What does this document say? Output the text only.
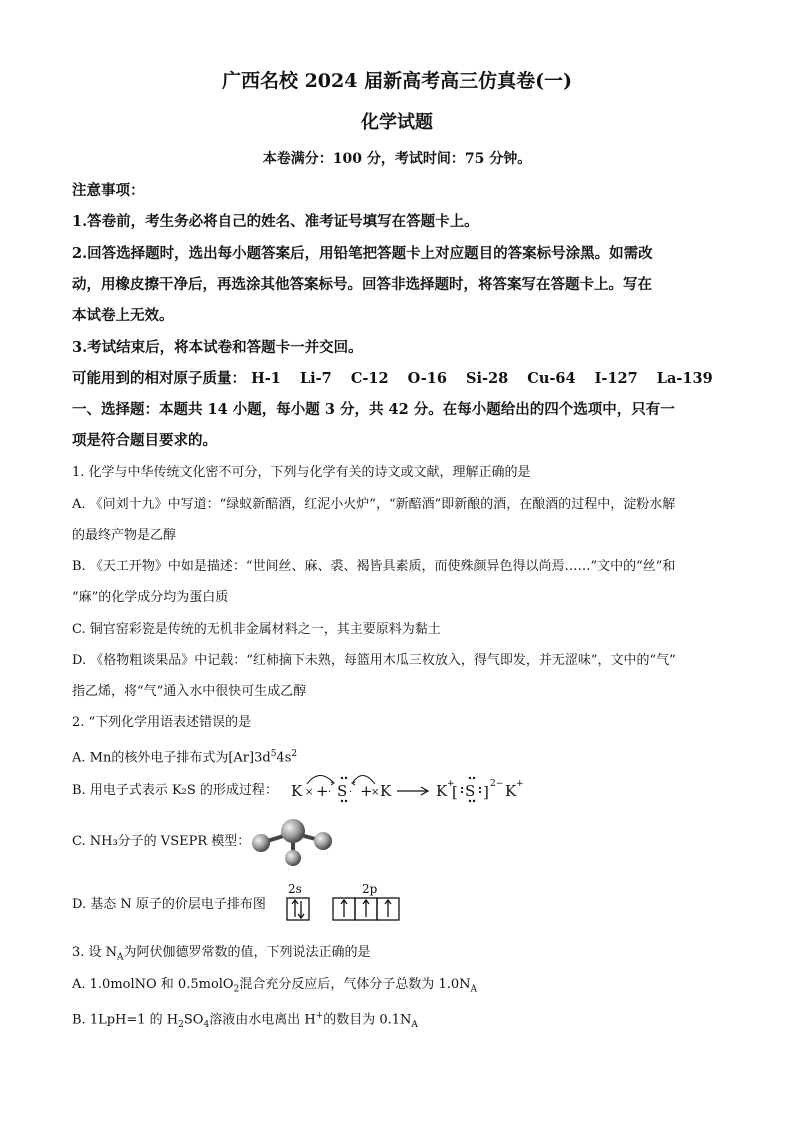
广西名校 2024 届新高考高三仿真卷(一)
化学试题
本卷满分：100 分，考试时间：75 分钟。
注意事项：
1.答卷前，考生务必将自己的姓名、准考证号填写在答题卡上。
2.回答选择题时，选出每小题答案后，用铅笔把答题卡上对应题目的答案标号涂黑。如需改
动，用橡皮擦干净后，再选涂其他答案标号。回答非选择题时，将答案写在答题卡上。写在
本试卷上无效。
3.考试结束后，将本试卷和答题卡一并交回。
可能用到的相对原子质量： H-1 Li-7 C-12 O-16 Si-28 Cu-64 I-127 La-139
一、选择题：本题共 14 小题，每小题 3 分，共 42 分。在每小题给出的四个选项中，只有一
项是符合题目要求的。
1. 化学与中华传统文化密不可分，下列与化学有关的诗文或文献，理解正确的是
A. 《问刘十九》中写道：“绿蚁新醅酒，红泥小火炉”，“新醅酒”即新酿的酒，在酿酒的过程中，淀粉水解
的最终产物是乙醇
B. 《天工开物》中如是描述：“世间丝、麻、裘、褐皆具素质，而使殊颜异色得以尚焉……”文中的“丝”和
“麻”的化学成分均为蛋白质
C. 铜官窑彩瓷是传统的无机非金属材料之一，其主要原料为黏土
D. 《格物粗谈果品》中记载：“红柿摘下未熟，每篮用木瓜三枚放入，得气即发，并无涩味”，文中的“气”
指乙烯，将“气”通入水中很快可生成乙醇
2. “下列化学用语表述错误的是
A. Mn的核外电子排布式为$[Ar]3d^54s^2$
B. 用电子式表示 K₂S 的形成过程： K × + · S · +
× K	K +
[ S ] 2− K +
C. NH₃分子的 VSEPR 模型：
D. 基态 N 原子的价层电子排布图
2s	2p
3. 设 $N_A$为阿伏伽德罗常数的值，下列说法正确的是
A. 1.0molNO 和 0.5molO$_2$混合充分反应后，气体分子总数为 $1.0N_A$
B. 1LpH=1 的 $H_2SO_4$溶液由水电离出 H+的数目为 $0.1N_A$
